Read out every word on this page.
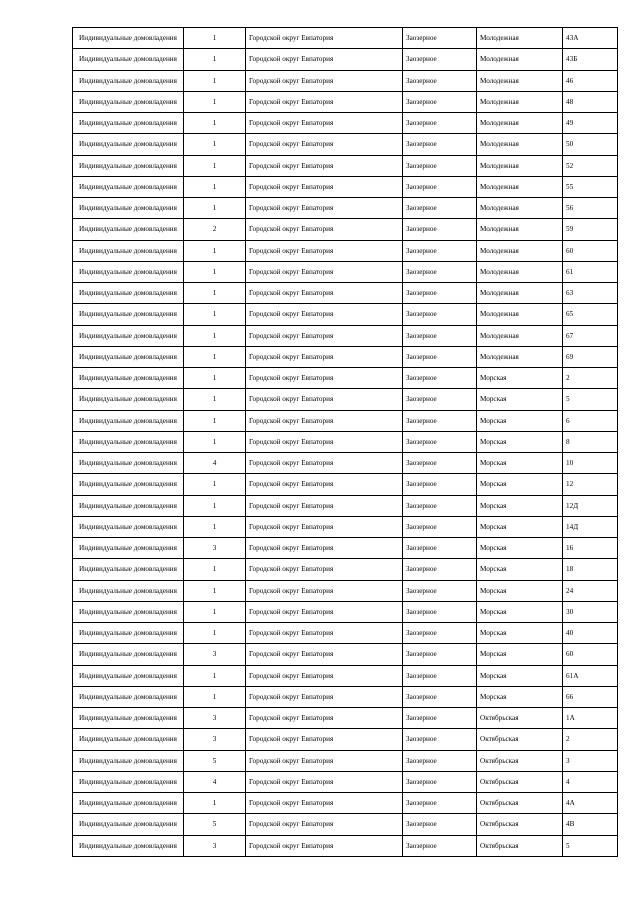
Индивидуальные домовладения	1	Городской округ Евпатория	Заозерное	Молодежная	43А
Индивидуальные домовладения	1	Городской округ Евпатория	Заозерное	Молодежная	43Б
Индивидуальные домовладения	1	Городской округ Евпатория	Заозерное	Молодежная	46
Индивидуальные домовладения	1	Городской округ Евпатория	Заозерное	Молодежная	48
Индивидуальные домовладения	1	Городской округ Евпатория	Заозерное	Молодежная	49
Индивидуальные домовладения	1	Городской округ Евпатория	Заозерное	Молодежная	50
Индивидуальные домовладения	1	Городской округ Евпатория	Заозерное	Молодежная	52
Индивидуальные домовладения	1	Городской округ Евпатория	Заозерное	Молодежная	55
Индивидуальные домовладения	1	Городской округ Евпатория	Заозерное	Молодежная	56
Индивидуальные домовладения	2	Городской округ Евпатория	Заозерное	Молодежная	59
Индивидуальные домовладения	1	Городской округ Евпатория	Заозерное	Молодежная	60
Индивидуальные домовладения	1	Городской округ Евпатория	Заозерное	Молодежная	61
Индивидуальные домовладения	1	Городской округ Евпатория	Заозерное	Молодежная	63
Индивидуальные домовладения	1	Городской округ Евпатория	Заозерное	Молодежная	65
Индивидуальные домовладения	1	Городской округ Евпатория	Заозерное	Молодежная	67
Индивидуальные домовладения	1	Городской округ Евпатория	Заозерное	Молодежная	69
Индивидуальные домовладения	1	Городской округ Евпатория	Заозерное	Морская	2
Индивидуальные домовладения	1	Городской округ Евпатория	Заозерное	Морская	5
Индивидуальные домовладения	1	Городской округ Евпатория	Заозерное	Морская	6
Индивидуальные домовладения	1	Городской округ Евпатория	Заозерное	Морская	8
Индивидуальные домовладения	4	Городской округ Евпатория	Заозерное	Морская	10
Индивидуальные домовладения	1	Городской округ Евпатория	Заозерное	Морская	12
Индивидуальные домовладения	1	Городской округ Евпатория	Заозерное	Морская	12Д
Индивидуальные домовладения	1	Городской округ Евпатория	Заозерное	Морская	14Д
Индивидуальные домовладения	3	Городской округ Евпатория	Заозерное	Морская	16
Индивидуальные домовладения	1	Городской округ Евпатория	Заозерное	Морская	18
Индивидуальные домовладения	1	Городской округ Евпатория	Заозерное	Морская	24
Индивидуальные домовладения	1	Городской округ Евпатория	Заозерное	Морская	30
Индивидуальные домовладения	1	Городской округ Евпатория	Заозерное	Морская	40
Индивидуальные домовладения	3	Городской округ Евпатория	Заозерное	Морская	60
Индивидуальные домовладения	1	Городской округ Евпатория	Заозерное	Морская	61А
Индивидуальные домовладения	1	Городской округ Евпатория	Заозерное	Морская	66
Индивидуальные домовладения	3	Городской округ Евпатория	Заозерное	Октябрьская	1А
Индивидуальные домовладения	3	Городской округ Евпатория	Заозерное	Октябрьская	2
Индивидуальные домовладения	5	Городской округ Евпатория	Заозерное	Октябрьская	3
Индивидуальные домовладения	4	Городской округ Евпатория	Заозерное	Октябрьская	4
Индивидуальные домовладения	1	Городской округ Евпатория	Заозерное	Октябрьская	4А
Индивидуальные домовладения	5	Городской округ Евпатория	Заозерное	Октябрьская	4В
Индивидуальные домовладения	3	Городской округ Евпатория	Заозерное	Октябрьская	5
